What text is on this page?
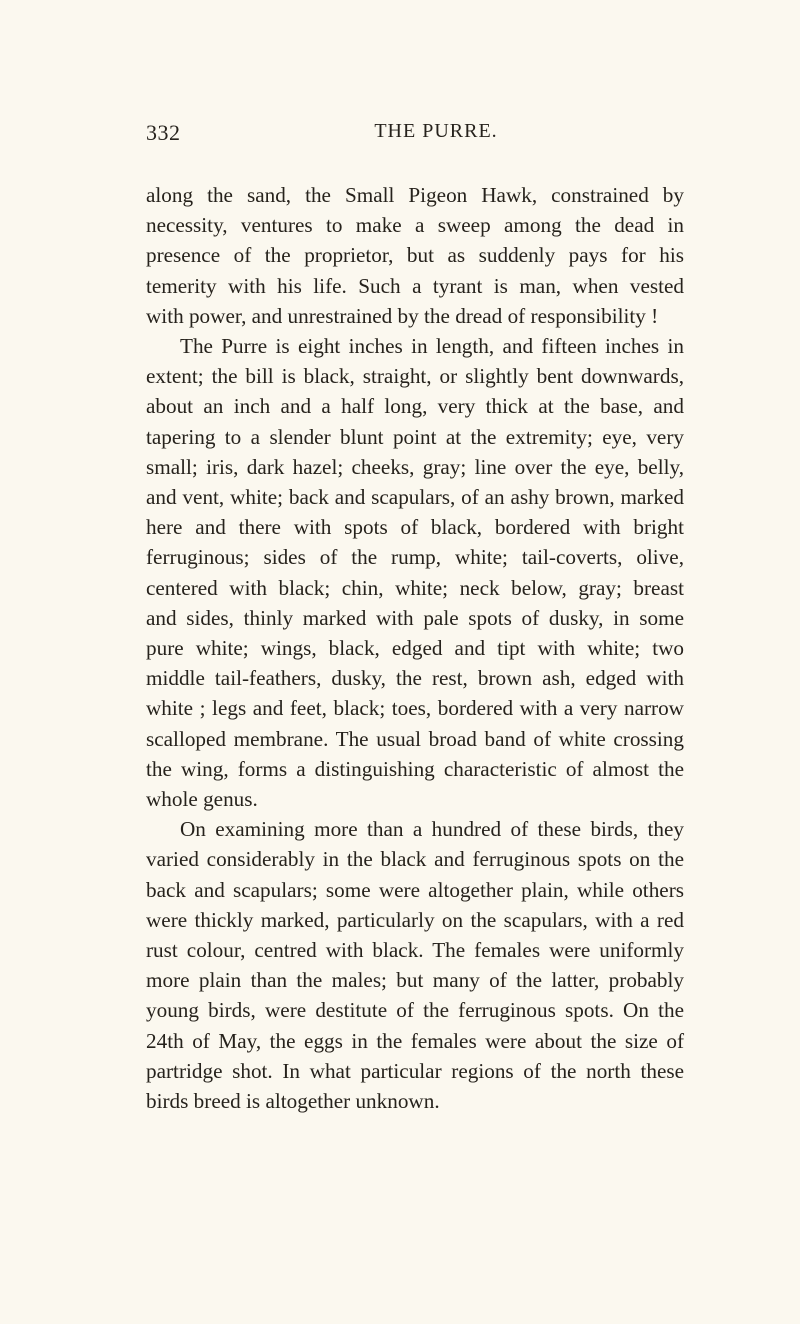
332	THE PURRE.
along the sand, the Small Pigeon Hawk, constrained by
necessity, ventures to make a sweep among the dead in
presence of the proprietor, but as suddenly pays for his
temerity with his life. Such a tyrant is man, when vested
with power, and unrestrained by the dread of responsibility !
The Purre is eight inches in length, and fifteen inches in
extent; the bill is black, straight, or slightly bent downwards,
about an inch and a half long, very thick at the base, and
tapering to a slender blunt point at the extremity; eye, very
small; iris, dark hazel; cheeks, gray; line over the eye, belly,
and vent, white; back and scapulars, of an ashy brown, marked
here and there with spots of black, bordered with bright
ferruginous; sides of the rump, white; tail-coverts, olive,
centered with black; chin, white; neck below, gray; breast
and sides, thinly marked with pale spots of dusky, in some
pure white; wings, black, edged and tipt with white; two
middle tail-feathers, dusky, the rest, brown ash, edged with
white ; legs and feet, black; toes, bordered with a very narrow
scalloped membrane. The usual broad band of white crossing
the wing, forms a distinguishing characteristic of almost the
whole genus.
On examining more than a hundred of these birds, they
varied considerably in the black and ferruginous spots on the
back and scapulars; some were altogether plain, while others
were thickly marked, particularly on the scapulars, with a red
rust colour, centred with black. The females were uniformly
more plain than the males; but many of the latter, probably
young birds, were destitute of the ferruginous spots. On the
24th of May, the eggs in the females were about the size of
partridge shot. In what particular regions of the north these
birds breed is altogether unknown.
